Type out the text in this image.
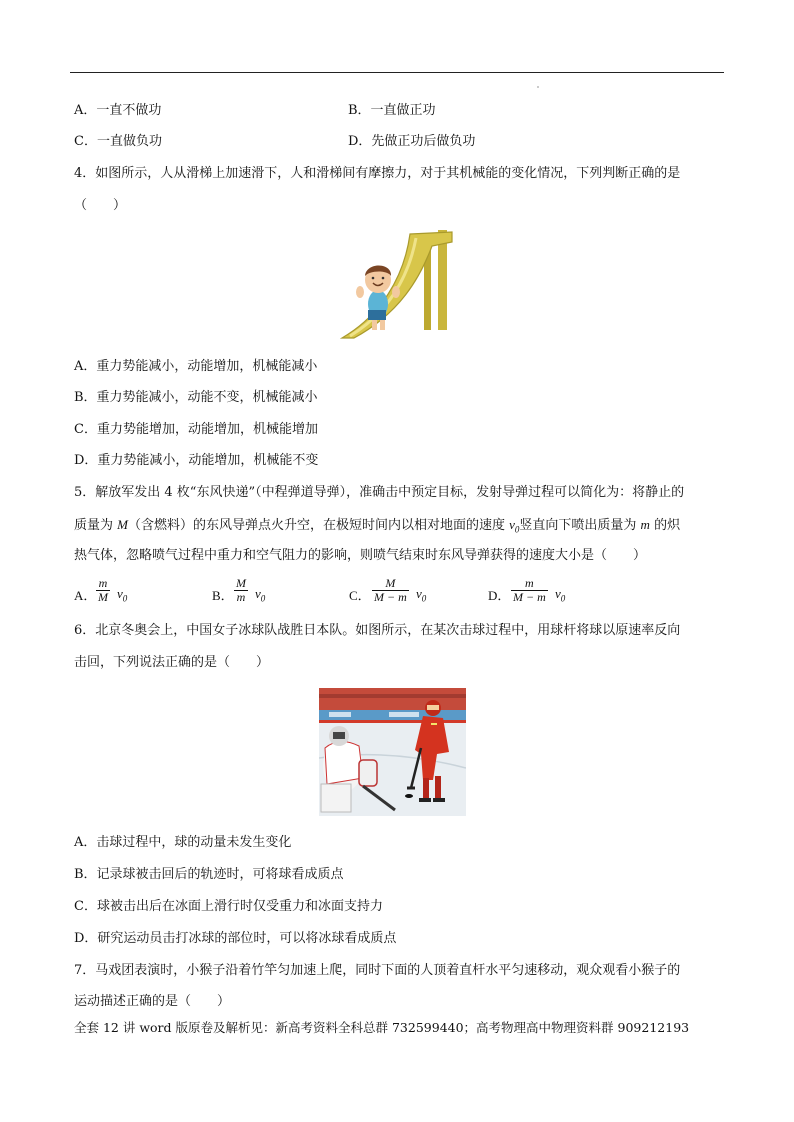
A．一直不做功	B．一直做正功
C．一直做负功	D．先做正功后做负功
4．如图所示，人从滑梯上加速滑下，人和滑梯间有摩擦力，对于其机械能的变化情况，下列判断正确的是
（　　）
A．重力势能减小，动能增加，机械能减小
B．重力势能减小，动能不变，机械能减小
C．重力势能增加，动能增加，机械能增加
D．重力势能减小，动能增加，机械能不变
5．解放军发出 4 枚“东风快递”（中程弹道导弹），准确击中预定目标，发射导弹过程可以简化为：将静止的
质量为 M（含燃料）的东风导弹点火升空，在极短时间内以相对地面的速度 $v_0$竖直向下喷出质量为 m 的炽
热气体，忽略喷气过程中重力和空气阻力的影响，则喷气结束时东风导弹获得的速度大小是（　　）
A． $\frac{m}{M} v_0$	B． $\frac{M}{m} v_0$	C． $\frac{M}{M - m} v_0$	D． $\frac{m}{M - m} v_0$
6．北京冬奥会上，中国女子冰球队战胜日本队。如图所示，在某次击球过程中，用球杆将球以原速率反向
击回，下列说法正确的是（　　）
A．击球过程中，球的动量未发生变化
B．记录球被击回后的轨迹时，可将球看成质点
C．球被击出后在冰面上滑行时仅受重力和冰面支持力
D．研究运动员击打冰球的部位时，可以将冰球看成质点
7．马戏团表演时，小猴子沿着竹竿匀加速上爬，同时下面的人顶着直杆水平匀速移动，观众观看小猴子的
运动描述正确的是（　　）
全套 12 讲 word 版原卷及解析见：新高考资料全科总群 732599440；高考物理高中物理资料群 909212193
